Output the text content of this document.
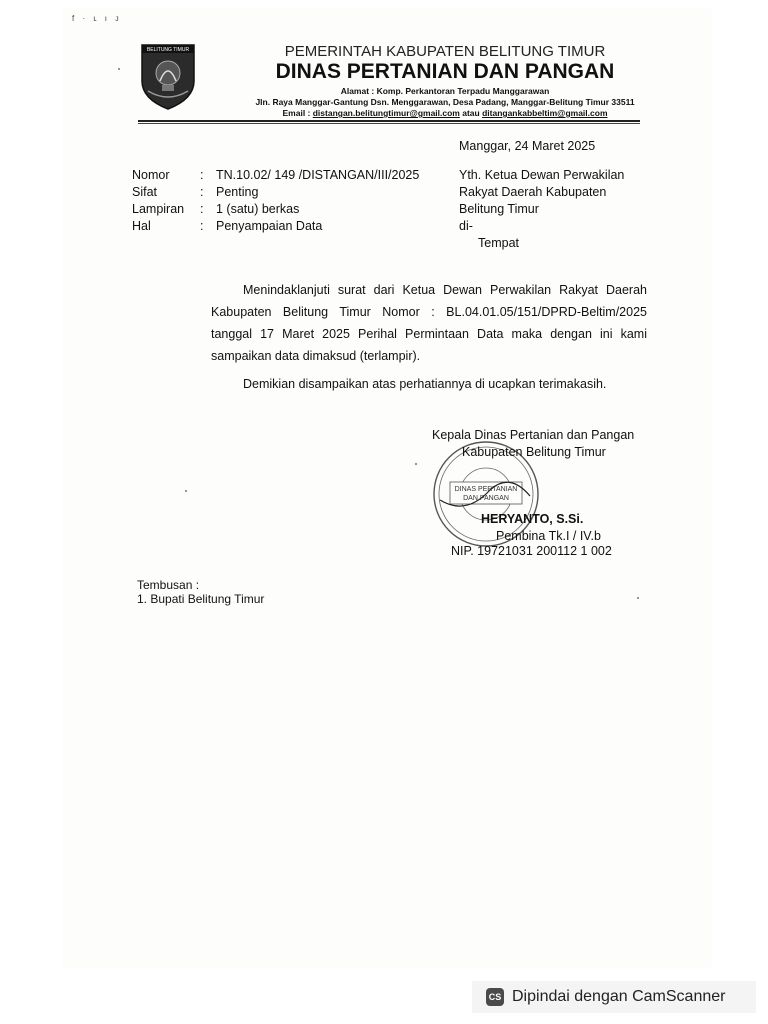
f · ʟ ı ᴊ
BELITUNG TIMUR	PEMERINTAH KABUPATEN BELITUNG TIMUR
DINAS PERTANIAN DAN PANGAN
Alamat : Komp. Perkantoran Terpadu Manggarawan
Jln. Raya Manggar-Gantung Dsn. Menggarawan, Desa Padang, Manggar-Belitung Timur 33511
Email : distangan.belitungtimur@gmail.com atau ditangankabbeltim@gmail.com
Manggar, 24 Maret 2025
Nomor	:	TN.10.02/ 149 /DISTANGAN/III/2025
Sifat	:	Penting
Lampiran	:	1 (satu) berkas
Hal	:	Penyampaian Data
Yth. Ketua Dewan Perwakilan
Rakyat Daerah Kabupaten
Belitung Timur
di-
Tempat
Menindaklanjuti surat dari Ketua Dewan Perwakilan Rakyat Daerah Kabupaten Belitung Timur Nomor : BL.04.01.05/151/DPRD-Beltim/2025 tanggal 17 Maret 2025 Perihal Permintaan Data maka dengan ini kami sampaikan data dimaksud (terlampir).
Demikian disampaikan atas perhatiannya di ucapkan terimakasih.
DINAS PERTANIAN
DAN PANGAN
Kepala Dinas Pertanian dan Pangan
Kabupaten Belitung Timur
HERYANTO, S.Si.
Pembina Tk.I / IV.b
NIP. 19721031 200112 1 002
Tembusan :
1. Bupati Belitung Timur
CS Dipindai dengan CamScanner
